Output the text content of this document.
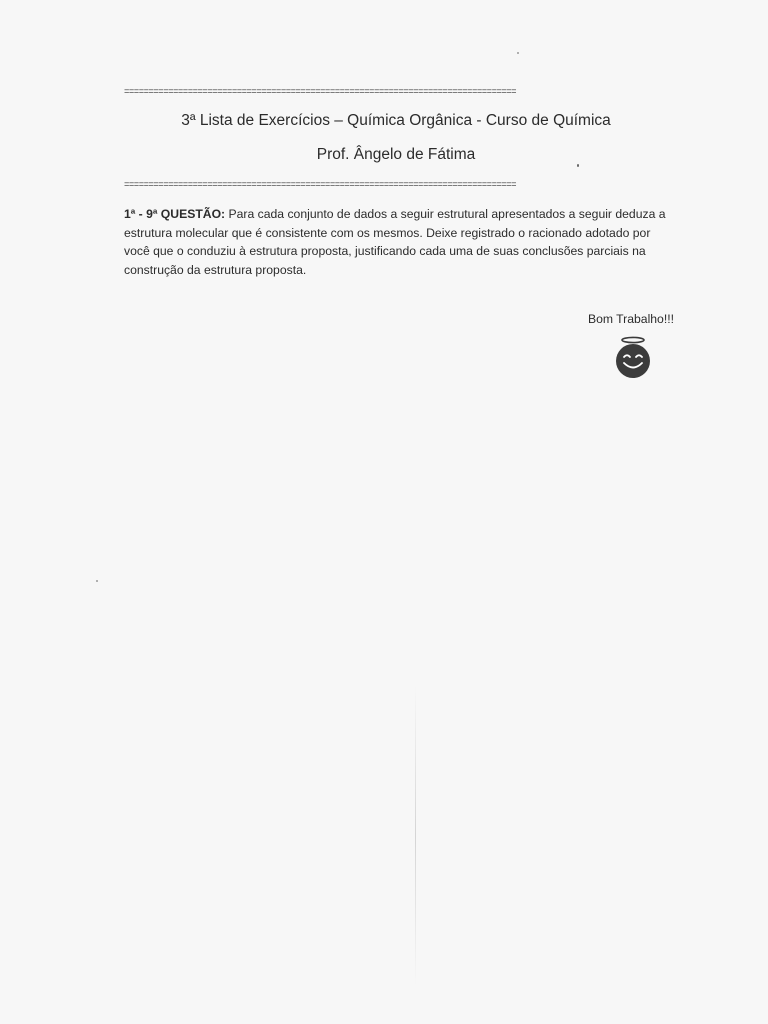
================================================================================
3ª Lista de Exercícios – Química Orgânica - Curso de Química
Prof. Ângelo de Fátima
================================================================================
1ª - 9ª QUESTÃO: Para cada conjunto de dados a seguir estrutural apresentados a seguir deduza a estrutura molecular que é consistente com os mesmos. Deixe registrado o racionado adotado por você que o conduziu à estrutura proposta, justificando cada uma de suas conclusões parciais na construção da estrutura proposta.
Bom Trabalho!!!
